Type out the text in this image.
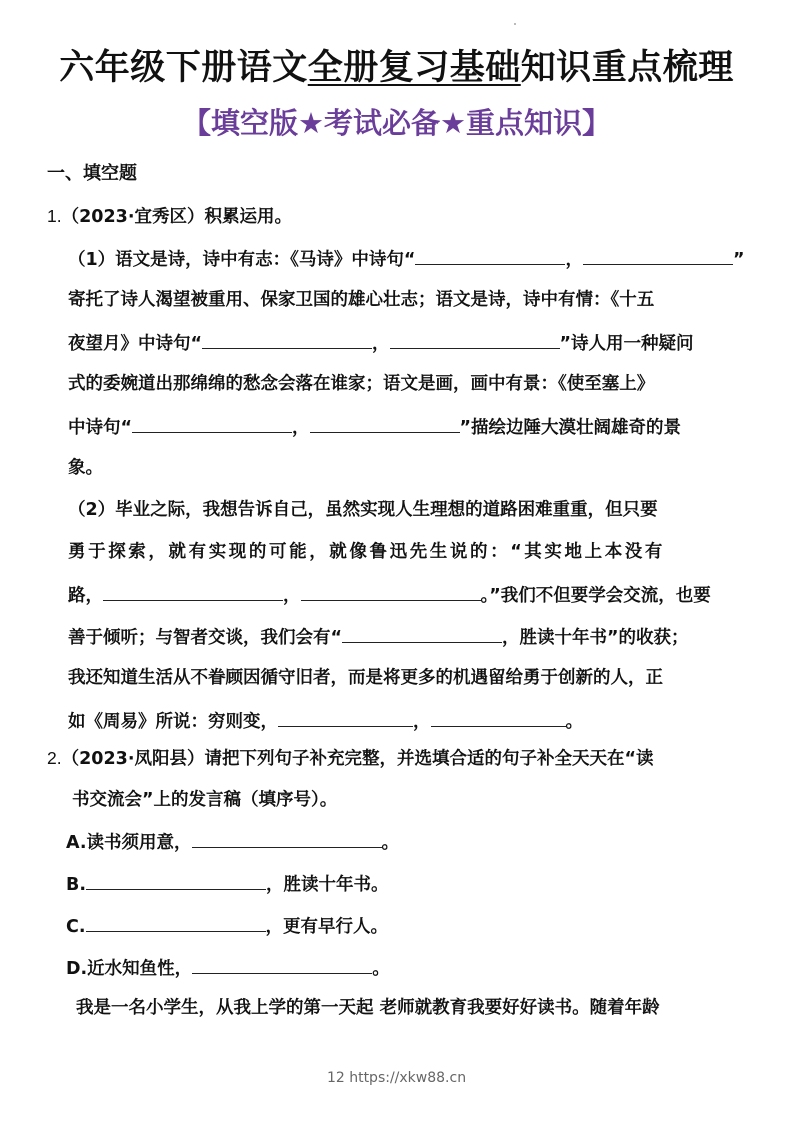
六年级下册语文全册复习基础知识重点梳理
【填空版★考试必备★重点知识】
一、填空题
1.（2023·宜秀区）积累运用。
（1）语文是诗，诗中有志：《马诗》中诗句“	，	”
寄托了诗人渴望被重用、保家卫国的雄心壮志；语文是诗，诗中有情：《十五
夜望月》中诗句“	，	”诗人用一种疑问
式的委婉道出那绵绵的愁念会落在谁家；语文是画，画中有景：《使至塞上》
中诗句“	，	”描绘边陲大漠壮阔雄奇的景
象。
（2）毕业之际，我想告诉自己，虽然实现人生理想的道路困难重重，但只要
勇于探索，就有实现的可能，就像鲁迅先生说的：“其实地上本没有
路，	，	。”我们不但要学会交流，也要
善于倾听；与智者交谈，我们会有“	，胜读十年书”的收获；
我还知道生活从不眷顾因循守旧者，而是将更多的机遇留给勇于创新的人，正
如《周易》所说：穷则变，	，	。
2.（2023·凤阳县）请把下列句子补充完整，并选填合适的句子补全天天在“读
书交流会”上的发言稿（填序号）。
A.读书须用意，	。
B.	，胜读十年书。
C.	，更有早行人。
D.近水知鱼性，	。
我是一名小学生，从我上学的第一天起 老师就教育我要好好读书。随着年龄
12 https://xkw88.cn
